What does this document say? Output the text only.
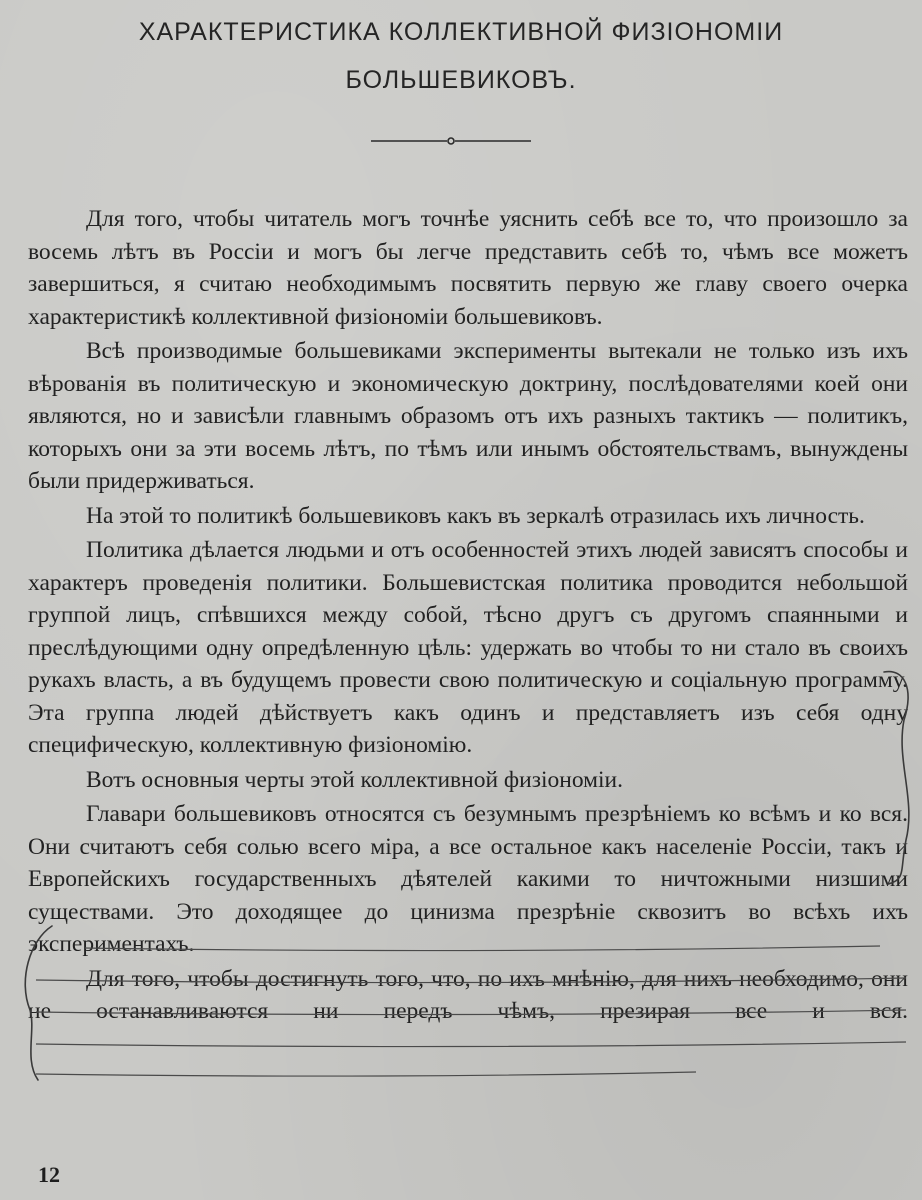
ХАРАКТЕРИСТИКА КОЛЛЕКТИВНОЙ ФИЗIОНОМIИ
БОЛЬШЕВИКОВЪ.

Для того, чтобы читатель могъ точнѣе уяснить себѣ все то, что произошло за восемь лѣтъ въ Россiи и могъ бы легче представить себѣ то, чѣмъ все можетъ завершиться, я считаю необходимымъ посвятить первую же главу своего очерка характеристикѣ коллективной физiономiи большевиковъ.

Всѣ производимые большевиками эксперименты вытекали не только изъ ихъ вѣрованiя въ политическую и экономическую доктрину, послѣдователями коей они являются, но и зависѣли главнымъ образомъ отъ ихъ разныхъ тактикъ — политикъ, которыхъ они за эти восемь лѣтъ, по тѣмъ или инымъ обстоятельствамъ, вынуждены были придерживаться.

На этой то политикѣ большевиковъ какъ въ зеркалѣ отразилась ихъ личность.

Политика дѣлается людьми и отъ особенностей этихъ людей зависятъ способы и характеръ проведенiя политики. Большевистская политика проводится небольшой группой лицъ, спѣвшихся между собой, тѣсно другъ съ другомъ спаянными и преслѣдующими одну опредѣленную цѣль: удержать во чтобы то ни стало въ своихъ рукахъ власть, а въ будущемъ провести свою политическую и соцiальную программу. Эта группа людей дѣйствуетъ какъ одинъ и представляетъ изъ себя одну специфическую, коллективную физiономiю.

Вотъ основныя черты этой коллективной физiономiи.

Главари большевиковъ относятся съ безумнымъ презрѣнiемъ ко всѣмъ и ко вся. Они считаютъ себя солью всего мiра, а все остальное какъ населенiе Россiи, такъ и Европейскихъ государственныхъ дѣятелей какими то ничтожными низшими существами. Это доходящее до цинизма презрѣнiе сквозитъ во всѣхъ ихъ экспериментахъ.

Для того, чтобы достигнуть того, что, по ихъ мнѣнiю, для нихъ необходимо, они не останавливаются ни передъ чѣмъ, презирая все и вся.

12
